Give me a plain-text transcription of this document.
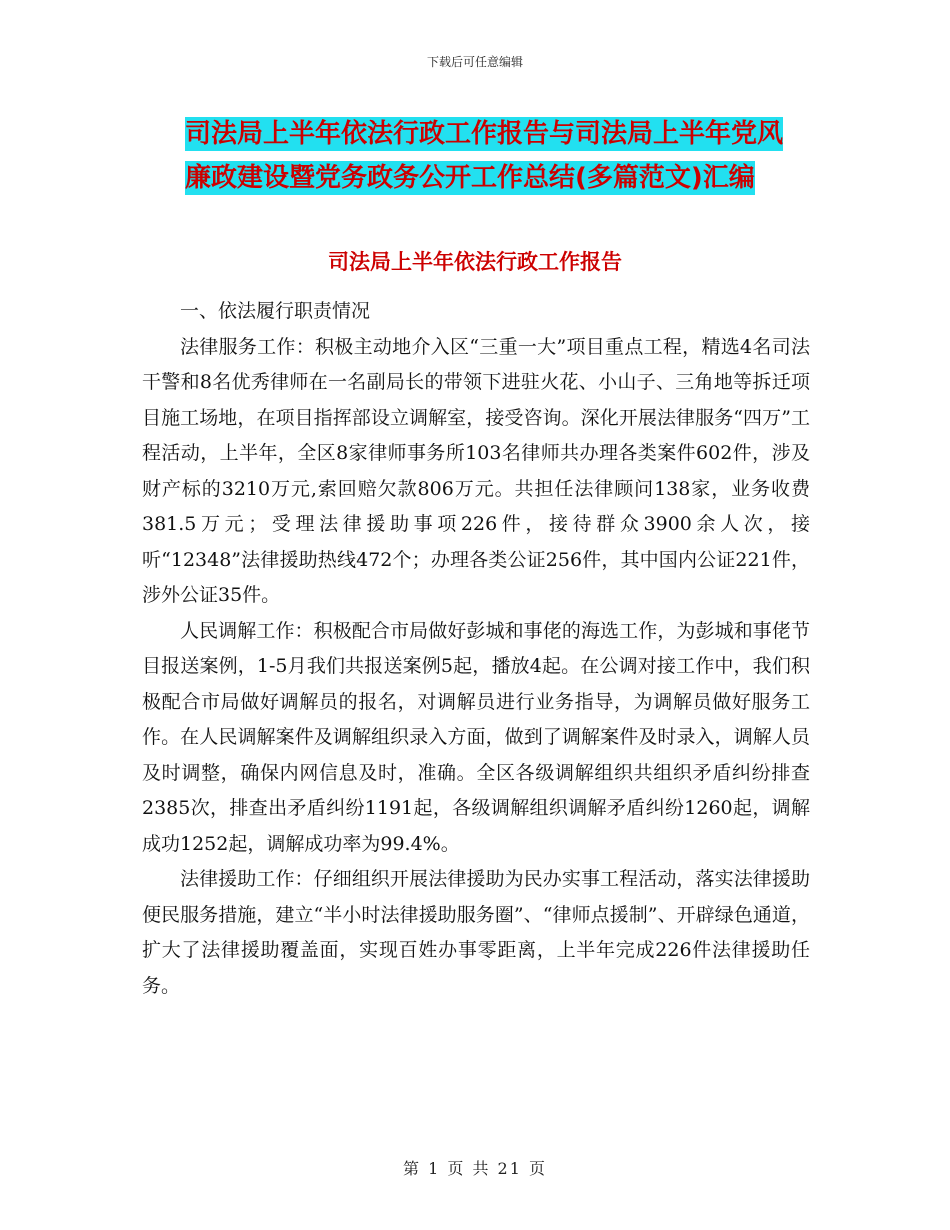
下载后可任意编辑
司法局上半年依法行政工作报告与司法局上半年党风
廉政建设暨党务政务公开工作总结(多篇范文)汇编
司法局上半年依法行政工作报告

一、依法履行职责情况

法律服务工作：积极主动地介入区“三重一大”项目重点工程，精选4名司法干警和8名优秀律师在一名副局长的带领下进驻火花、小山子、三角地等拆迁项目施工场地，在项目指挥部设立调解室，接受咨询。深化开展法律服务“四万”工程活动，上半年，全区8家律师事务所103名律师共办理各类案件602件，涉及财产标的3210万元,索回赔欠款806万元。共担任法律顾问138家，业务收费381.5万元；受理法律援助事项226件，接待群众3900余人次，接听“12348”法律援助热线472个；办理各类公证256件，其中国内公证221件，涉外公证35件。

人民调解工作：积极配合市局做好彭城和事佬的海选工作，为彭城和事佬节目报送案例，1-5月我们共报送案例5起，播放4起。在公调对接工作中，我们积极配合市局做好调解员的报名，对调解员进行业务指导，为调解员做好服务工作。在人民调解案件及调解组织录入方面，做到了调解案件及时录入，调解人员及时调整，确保内网信息及时，准确。全区各级调解组织共组织矛盾纠纷排查2385次，排查出矛盾纠纷1191起，各级调解组织调解矛盾纠纷1260起，调解成功1252起，调解成功率为99.4%。

法律援助工作：仔细组织开展法律援助为民办实事工程活动，落实法律援助便民服务措施，建立“半小时法律援助服务圈”、“律师点援制”、开辟绿色通道，扩大了法律援助覆盖面，实现百姓办事零距离，上半年完成226件法律援助任务。

第 1 页 共 21 页
